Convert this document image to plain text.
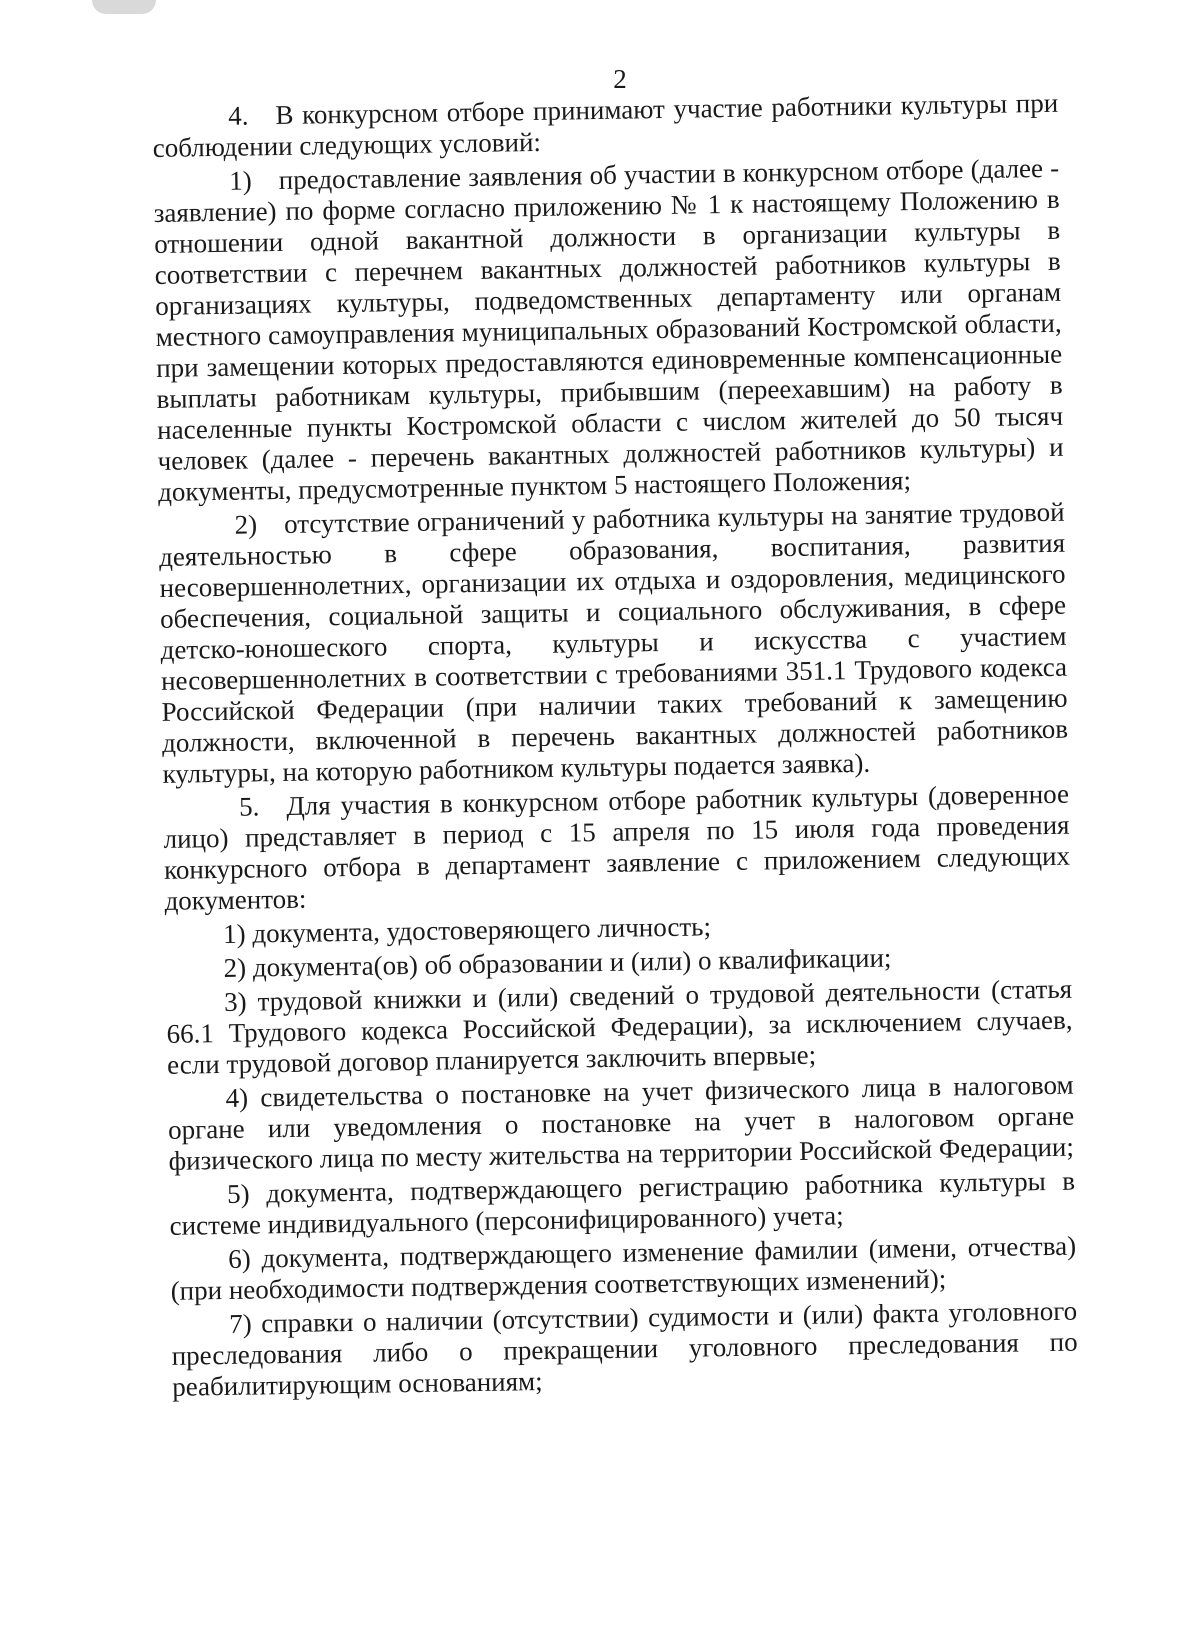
2

4. В конкурсном отборе принимают участие работники культуры при соблюдении следующих условий:

1) предоставление заявления об участии в конкурсном отборе (далее - заявление) по форме согласно приложению № 1 к настоящему Положению в отношении одной вакантной должности в организации культуры в соответствии с перечнем вакантных должностей работников культуры в организациях культуры, подведомственных департаменту или органам местного самоуправления муниципальных образований Костромской области, при замещении которых предоставляются единовременные компенсационные выплаты работникам культуры, прибывшим (переехавшим) на работу в населенные пункты Костромской области с числом жителей до 50 тысяч человек (далее - перечень вакантных должностей работников культуры) и документы, предусмотренные пунктом 5 настоящего Положения;

2) отсутствие ограничений у работника культуры на занятие трудовой деятельностью в сфере образования, воспитания, развития несовершеннолетних, организации их отдыха и оздоровления, медицинского обеспечения, социальной защиты и социального обслуживания, в сфере детско-юношеского спорта, культуры и искусства с участием несовершеннолетних в соответствии с требованиями 351.1 Трудового кодекса Российской Федерации (при наличии таких требований к замещению должности, включенной в перечень вакантных должностей работников культуры, на которую работником культуры подается заявка).

5. Для участия в конкурсном отборе работник культуры (доверенное лицо) представляет в период с 15 апреля по 15 июля года проведения конкурсного отбора в департамент заявление с приложением следующих документов:

1) документа, удостоверяющего личность;

2) документа(ов) об образовании и (или) о квалификации;

3) трудовой книжки и (или) сведений о трудовой деятельности (статья 66.1 Трудового кодекса Российской Федерации), за исключением случаев, если трудовой договор планируется заключить впервые;

4) свидетельства о постановке на учет физического лица в налоговом органе или уведомления о постановке на учет в налоговом органе физического лица по месту жительства на территории Российской Федерации;

5) документа, подтверждающего регистрацию работника культуры в системе индивидуального (персонифицированного) учета;

6) документа, подтверждающего изменение фамилии (имени, отчества) (при необходимости подтверждения соответствующих изменений);

7) справки о наличии (отсутствии) судимости и (или) факта уголовного преследования либо о прекращении уголовного преследования по реабилитирующим основаниям;
